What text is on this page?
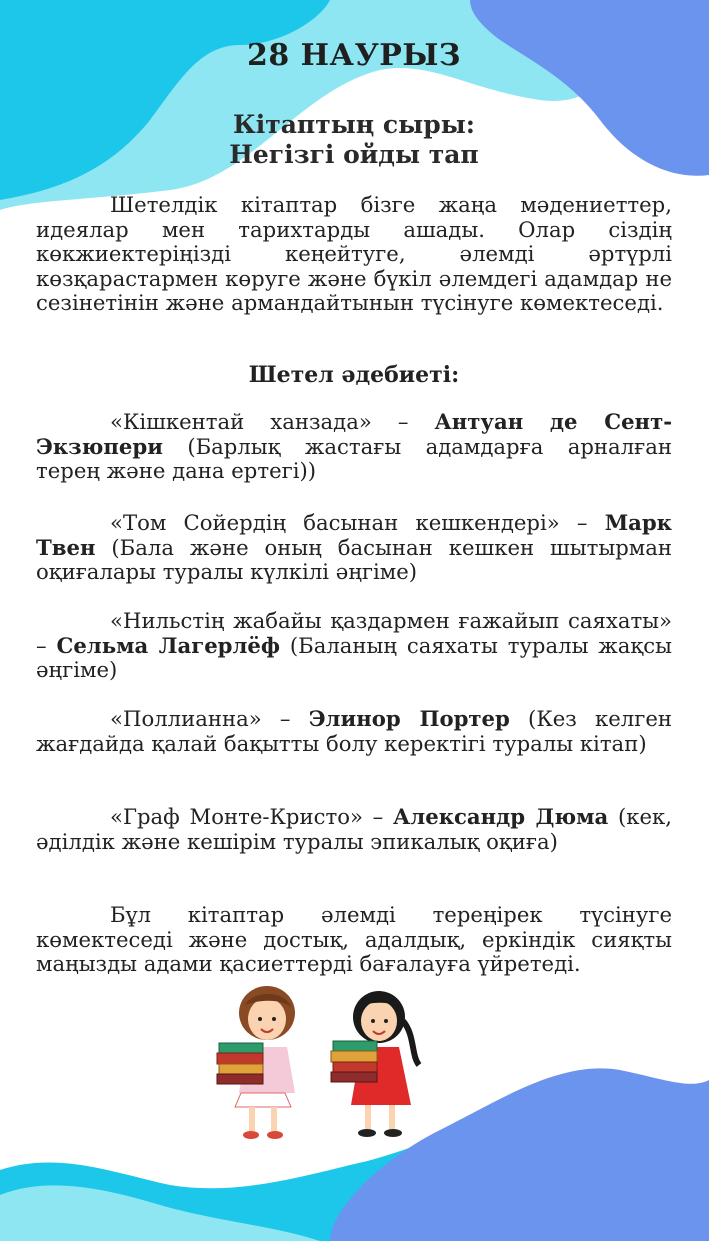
28 НАУРЫЗ
Кітаптың сыры:
Негізгі ойды тап

Шетелдік кітаптар бізге жаңа мәдениеттер, идеялар мен тарихтарды ашады. Олар сіздің көкжиектеріңізді кеңейтуге, әлемді әртүрлі көзқарастармен көруге және бүкіл әлемдегі адамдар не сезінетінін және армандайтынын түсінуге көмектеседі.

Шетел әдебиеті:

«Кішкентай ханзада» – Антуан де Сент-Экзюпери (Барлық жастағы адамдарға арналған терең және дана ертегі))

«Том Сойердің басынан кешкендері» – Марк Твен (Бала және оның басынан кешкен шытырман оқиғалары туралы күлкілі әңгіме)

«Нильстің жабайы қаздармен ғажайып саяхаты» – Сельма Лагерлёф (Баланың саяхаты туралы жақсы әңгіме)

«Поллианна» – Элинор Портер (Кез келген жағдайда қалай бақытты болу керектігі туралы кітап)

«Граф Монте-Кристо» – Александр Дюма (кек, әділдік және кешірім туралы эпикалық оқиға)

Бұл кітаптар әлемді тереңірек түсінуге көмектеседі және достық, адалдық, еркіндік сияқты маңызды адами қасиеттерді бағалауға үйретеді.
